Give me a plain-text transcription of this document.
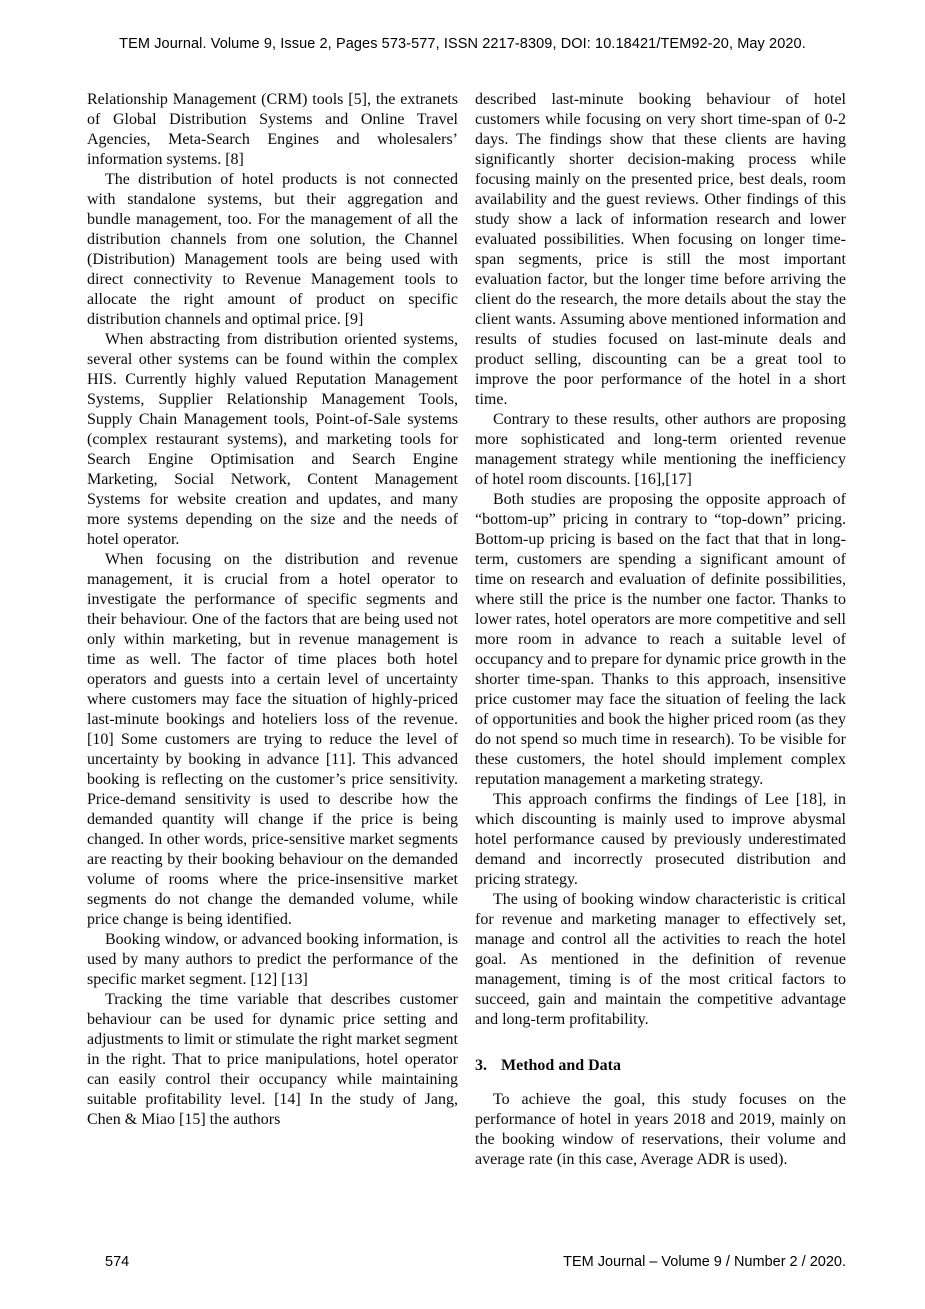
TEM Journal. Volume 9, Issue 2, Pages 573-577, ISSN 2217-8309, DOI: 10.18421/TEM92-20, May 2020.

Relationship Management (CRM) tools [5], the extranets of Global Distribution Systems and Online Travel Agencies, Meta-Search Engines and wholesalers’ information systems. [8]

The distribution of hotel products is not connected with standalone systems, but their aggregation and bundle management, too. For the management of all the distribution channels from one solution, the Channel (Distribution) Management tools are being used with direct connectivity to Revenue Management tools to allocate the right amount of product on specific distribution channels and optimal price. [9]

When abstracting from distribution oriented systems, several other systems can be found within the complex HIS. Currently highly valued Reputation Management Systems, Supplier Relationship Management Tools, Supply Chain Management tools, Point-of-Sale systems (complex restaurant systems), and marketing tools for Search Engine Optimisation and Search Engine Marketing, Social Network, Content Management Systems for website creation and updates, and many more systems depending on the size and the needs of hotel operator.

When focusing on the distribution and revenue management, it is crucial from a hotel operator to investigate the performance of specific segments and their behaviour. One of the factors that are being used not only within marketing, but in revenue management is time as well. The factor of time places both hotel operators and guests into a certain level of uncertainty where customers may face the situation of highly-priced last-minute bookings and hoteliers loss of the revenue. [10] Some customers are trying to reduce the level of uncertainty by booking in advance [11]. This advanced booking is reflecting on the customer’s price sensitivity. Price-demand sensitivity is used to describe how the demanded quantity will change if the price is being changed. In other words, price-sensitive market segments are reacting by their booking behaviour on the demanded volume of rooms where the price-insensitive market segments do not change the demanded volume, while price change is being identified.

Booking window, or advanced booking information, is used by many authors to predict the performance of the specific market segment. [12] [13]

Tracking the time variable that describes customer behaviour can be used for dynamic price setting and adjustments to limit or stimulate the right market segment in the right. That to price manipulations, hotel operator can easily control their occupancy while maintaining suitable profitability level. [14] In the study of Jang, Chen & Miao [15] the authors

described last-minute booking behaviour of hotel customers while focusing on very short time-span of 0-2 days. The findings show that these clients are having significantly shorter decision-making process while focusing mainly on the presented price, best deals, room availability and the guest reviews. Other findings of this study show a lack of information research and lower evaluated possibilities. When focusing on longer time-span segments, price is still the most important evaluation factor, but the longer time before arriving the client do the research, the more details about the stay the client wants. Assuming above mentioned information and results of studies focused on last-minute deals and product selling, discounting can be a great tool to improve the poor performance of the hotel in a short time.

Contrary to these results, other authors are proposing more sophisticated and long-term oriented revenue management strategy while mentioning the inefficiency of hotel room discounts. [16],[17]

Both studies are proposing the opposite approach of “bottom-up” pricing in contrary to “top-down” pricing. Bottom-up pricing is based on the fact that that in long-term, customers are spending a significant amount of time on research and evaluation of definite possibilities, where still the price is the number one factor. Thanks to lower rates, hotel operators are more competitive and sell more room in advance to reach a suitable level of occupancy and to prepare for dynamic price growth in the shorter time-span. Thanks to this approach, insensitive price customer may face the situation of feeling the lack of opportunities and book the higher priced room (as they do not spend so much time in research). To be visible for these customers, the hotel should implement complex reputation management a marketing strategy.

This approach confirms the findings of Lee [18], in which discounting is mainly used to improve abysmal hotel performance caused by previously underestimated demand and incorrectly prosecuted distribution and pricing strategy.

The using of booking window characteristic is critical for revenue and marketing manager to effectively set, manage and control all the activities to reach the hotel goal. As mentioned in the definition of revenue management, timing is of the most critical factors to succeed, gain and maintain the competitive advantage and long-term profitability.

3. Method and Data

To achieve the goal, this study focuses on the performance of hotel in years 2018 and 2019, mainly on the booking window of reservations, their volume and average rate (in this case, Average ADR is used).

574	TEM Journal – Volume 9 / Number 2 / 2020.
